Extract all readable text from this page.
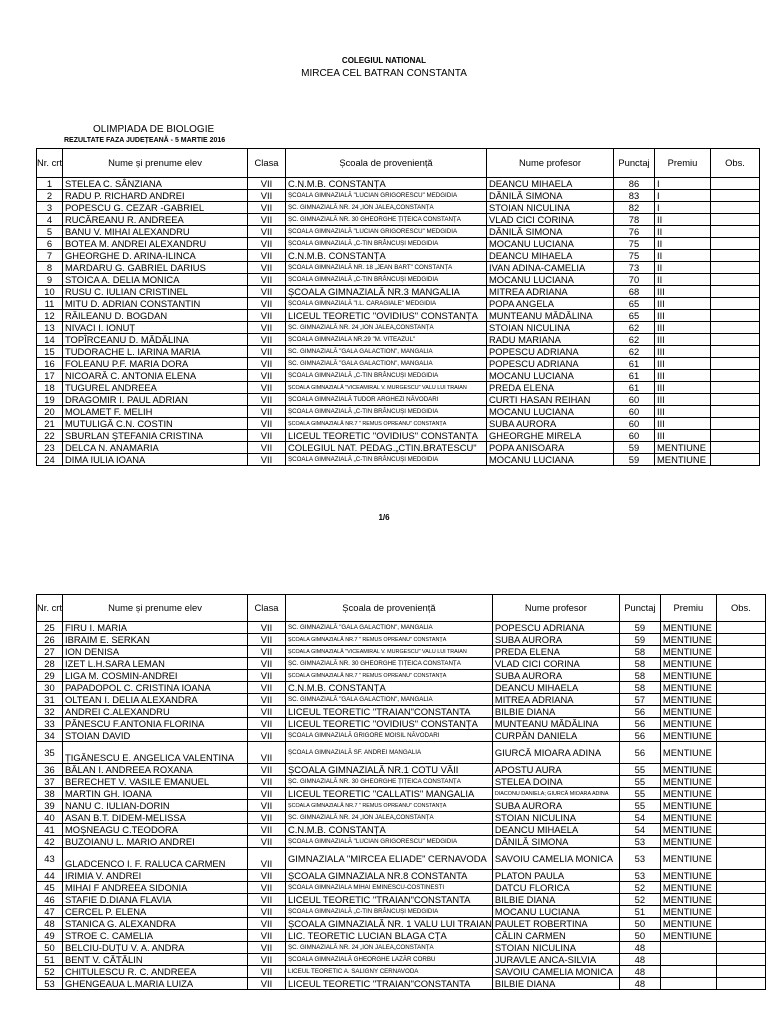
COLEGIUL NATIONAL
MIRCEA CEL BATRAN CONSTANTA
OLIMPIADA DE BIOLOGIE
REZULTATE FAZA JUDEȚEANĂ - 5 MARTIE 2016
Nr. crt	Nume și prenume elev	Clasa	Școala de proveniență	Nume profesor	Punctaj	Premiu	Obs.
1	STELEA C. SÂNZIANA	VII	C.N.M.B. CONSTANȚA	DEANCU MIHAELA	86	I	
2	RADU P. RICHARD ANDREI	VII	ȘCOALA GIMNAZIALĂ "LUCIAN GRIGORESCU" MEDGIDIA	DĂNILĂ SIMONA	83	I	
3	POPESCU G. CEZAR -GABRIEL	VII	ȘC. GIMNAZIALĂ NR. 24 „ION JALEA„CONSTANȚA	STOIAN NICULINA	82	I	
4	RUCĂREANU R. ANDREEA	VII	ȘC. GIMNAZIALĂ NR. 30 GHEORGHE ȚIȚEICA CONSTANȚA	VLAD CICI CORINA	78	II	
5	BANU V. MIHAI ALEXANDRU	VII	ȘCOALA GIMNAZIALĂ "LUCIAN GRIGORESCU" MEDGIDIA	DĂNILĂ SIMONA	76	II	
6	BOTEA M. ANDREI ALEXANDRU	VII	ȘCOALA GIMNAZIALĂ „C-TIN BRÂNCUȘI MEDGIDIA	MOCANU LUCIANA	75	II	
7	GHEORGHE D. ARINA-ILINCA	VII	C.N.M.B. CONSTANȚA	DEANCU MIHAELA	75	II	
8	MARDARU G. GABRIEL DARIUS	VII	ȘCOALA GIMNAZIALĂ NR. 18 „JEAN BART" CONSTANȚA	IVAN ADINA-CAMELIA	73	II	
9	STOICA A. DELIA MONICA	VII	ȘCOALA GIMNAZIALĂ „C-TIN BRÂNCUȘI MEDGIDIA	MOCANU LUCIANA	70	II	
10	RUSU C. IULIAN CRISTINEL	VII	ȘCOALA GIMNAZIALĂ NR.3 MANGALIA	MITREA ADRIANA	68	III	
11	MITU D. ADRIAN CONSTANTIN	VII	ȘCOALA GIMNAZIALĂ "I.L. CARAGIALE" MEDGIDIA	POPA ANGELA	65	III	
12	RĂILEANU D. BOGDAN	VII	LICEUL TEORETIC "OVIDIUS" CONSTANȚA	MUNTEANU MĂDĂLINA	65	III	
13	NIVACI I. IONUȚ	VII	ȘC. GIMNAZIALĂ NR. 24 „ION JALEA„CONSTANȚA	STOIAN NICULINA	62	III	
14	TOPÎRCEANU D. MĂDĂLINA	VII	ȘCOALA GIMNAZIALA NR.29 "M. VITEAZUL"	RADU MARIANA	62	III	
15	TUDORACHE L. IARINA MARIA	VII	SC. GIMNAZIALĂ "GALA GALACTION", MANGALIA	POPESCU ADRIANA	62	III	
16	FOLEANU P.F. MARIA DORA	VII	SC. GIMNAZIALĂ "GALA GALACTION", MANGALIA	POPESCU ADRIANA	61	III	
17	NICOARĂ C. ANTONIA ELENA	VII	ȘCOALA GIMNAZIALĂ „C-TIN BRÂNCUȘI MEDGIDIA	MOCANU LUCIANA	61	III	
18	TUGUREL ANDREEA	VII	ȘCOALA GIMNAZIALĂ "VICEAMIRAL V. MURGESCU" VALU LUI TRAIAN	PREDA ELENA	61	III	
19	DRAGOMIR I. PAUL ADRIAN	VII	ȘCOALA GIMNAZIALĂ TUDOR ARGHEZI NĂVODARI	CURTI HASAN REIHAN	60	III	
20	MOLAMET F. MELIH	VII	ȘCOALA GIMNAZIALĂ „C-TIN BRÂNCUȘI MEDGIDIA	MOCANU LUCIANA	60	III	
21	MUTULIGĂ C.N. COSTIN	VII	ȘCOALA GIMNAZIALĂ NR.7 " REMUS OPREANU" CONSTANȚA	SUBA AURORA	60	III	
22	SBURLAN ȘTEFANIA CRISTINA	VII	LICEUL TEORETIC "OVIDIUS" CONSTANȚA	GHEORGHE MIRELA	60	III	
23	DELCA N. ANAMARIA	VII	COLEGIUL NAT. PEDAG.„CTIN.BRATESCU"	POPA ANISOARA	59	MENTIUNE	
24	DIMA IULIA IOANA	VII	ȘCOALA GIMNAZIALĂ „C-TIN BRÂNCUȘI MEDGIDIA	MOCANU LUCIANA	59	MENTIUNE	
1/6
Nr. crt	Nume și prenume elev	Clasa	Școala de proveniență	Nume profesor	Punctaj	Premiu	Obs.
25	FIRU I. MARIA	VII	SC. GIMNAZIALĂ "GALA GALACTION", MANGALIA	POPESCU ADRIANA	59	MENTIUNE	
26	IBRAIM E. SERKAN	VII	ȘCOALA GIMNAZIALĂ NR.7 " REMUS OPREANU" CONSTANȚA	SUBA AURORA	59	MENTIUNE	
27	ION DENISA	VII	ȘCOALA GIMNAZIALĂ "VICEAMIRAL V. MURGESCU" VALU LUI TRAIAN	PREDA ELENA	58	MENTIUNE	
28	IZET L.H.SARA LEMAN	VII	ȘC. GIMNAZIALĂ NR. 30 GHEORGHE ȚIȚEICA CONSTANȚA	VLAD CICI CORINA	58	MENTIUNE	
29	LIGA M. COSMIN-ANDREI	VII	ȘCOALA GIMNAZIALĂ NR.7 " REMUS OPREANU" CONSTANȚA	SUBA AURORA	58	MENTIUNE	
30	PAPADOPOL C. CRISTINA IOANA	VII	C.N.M.B. CONSTANȚA	DEANCU MIHAELA	58	MENTIUNE	
31	OLTEAN I. DELIA ALEXANDRA	VII	SC. GIMNAZIALĂ "GALA GALACTION", MANGALIA	MITREA ADRIANA	57	MENTIUNE	
32	ANDREI C.ALEXANDRU	VII	LICEUL TEORETIC "TRAIAN"CONSTANTA	BILBIE DIANA	56	MENTIUNE	
33	PĂNESCU F.ANTONIA FLORINA	VII	LICEUL TEORETIC "OVIDIUS" CONSTANȚA	MUNTEANU MĂDĂLINA	56	MENTIUNE	
34	STOIAN DAVID	VII	ȘCOALA GIMNAZIALĂ GRIGORE MOISIL NĂVODARI	CURPĂN DANIELA	56	MENTIUNE	
35	ȚIGĂNESCU E. ANGELICA VALENTINA	VII	ȘCOALA GIMNAZIALĂ SF. ANDREI MANGALIA	GIURCĂ MIOARA ADINA	56	MENTIUNE	
36	BĂLAN I. ANDREEA ROXANA	VII	ȘCOALA GIMNAZIALĂ NR.1 COTU VĂII	APOSTU AURA	55	MENTIUNE	
37	BERECHET V. VASILE EMANUEL	VII	ȘC. GIMNAZIALĂ NR. 30 GHEORGHE ȚIȚEICA CONSTANȚA	STELEA DOINA	55	MENTIUNE	
38	MARTIN GH. IOANA	VII	LICEUL TEORETIC "CALLATIS" MANGALIA	DIACONU DANIELA; GIURCĂ MIOARA ADINA	55	MENTIUNE	
39	NANU C. IULIAN-DORIN	VII	ȘCOALA GIMNAZIALĂ NR.7 " REMUS OPREANU" CONSTANȚA	SUBA AURORA	55	MENTIUNE	
40	ASAN B.T. DIDEM-MELISSA	VII	ȘC. GIMNAZIALĂ NR. 24 „ION JALEA„CONSTANȚA	STOIAN NICULINA	54	MENTIUNE	
41	MOȘNEAGU C.TEODORA	VII	C.N.M.B. CONSTANȚA	DEANCU MIHAELA	54	MENTIUNE	
42	BUZOIANU L. MARIO ANDREI	VII	ȘCOALA GIMNAZIALĂ "LUCIAN GRIGORESCU" MEDGIDIA	DĂNILĂ SIMONA	53	MENTIUNE	
43	GLADCENCO I. F. RALUCA CARMEN	VII	GIMNAZIALA "MIRCEA ELIADE" CERNAVODA	SAVOIU CAMELIA MONICA	53	MENTIUNE	
44	IRIMIA V. ANDREI	VII	ȘCOALA GIMNAZIALA NR.8 CONSTANTA	PLATON PAULA	53	MENTIUNE	
45	MIHAI F ANDREEA SIDONIA	VII	ȘCOALA GIMNAZIALA MIHAI EMINESCU-COSTINESTI	DATCU FLORICA	52	MENTIUNE	
46	STAFIE D.DIANA FLAVIA	VII	LICEUL TEORETIC "TRAIAN"CONSTANTA	BILBIE DIANA	52	MENTIUNE	
47	CERCEL P. ELENA	VII	ȘCOALA GIMNAZIALĂ „C-TIN BRÂNCUȘI MEDGIDIA	MOCANU LUCIANA	51	MENTIUNE	
48	STANICA G. ALEXANDRA	VII	ȘCOALA GIMNAZIALĂ NR. 1 VALU LUI TRAIAN	PAULET ROBERTINA	50	MENTIUNE	
49	STROE C. CAMELIA	VII	LIC. TEORETIC LUCIAN BLAGA CȚA	CĂLIN CARMEN	50	MENTIUNE	
50	BELCIU-DUȚU V. A. ANDRA	VII	ȘC. GIMNAZIALĂ NR. 24 „ION JALEA„CONSTANȚA	STOIAN NICULINA	48		
51	BENT V. CĂTĂLIN	VII	ȘCOALA GIMNAZIALĂ GHEORGHE LAZĂR CORBU	JURAVLE ANCA-SILVIA	48		
52	CHITULESCU R. C. ANDREEA	VII	LICEUL TEORETIC A. SALIGNY CERNAVODA	SAVOIU CAMELIA MONICA	48		
53	GHENGEAUA L.MARIA LUIZA	VII	LICEUL TEORETIC "TRAIAN"CONSTANTA	BILBIE DIANA	48		
